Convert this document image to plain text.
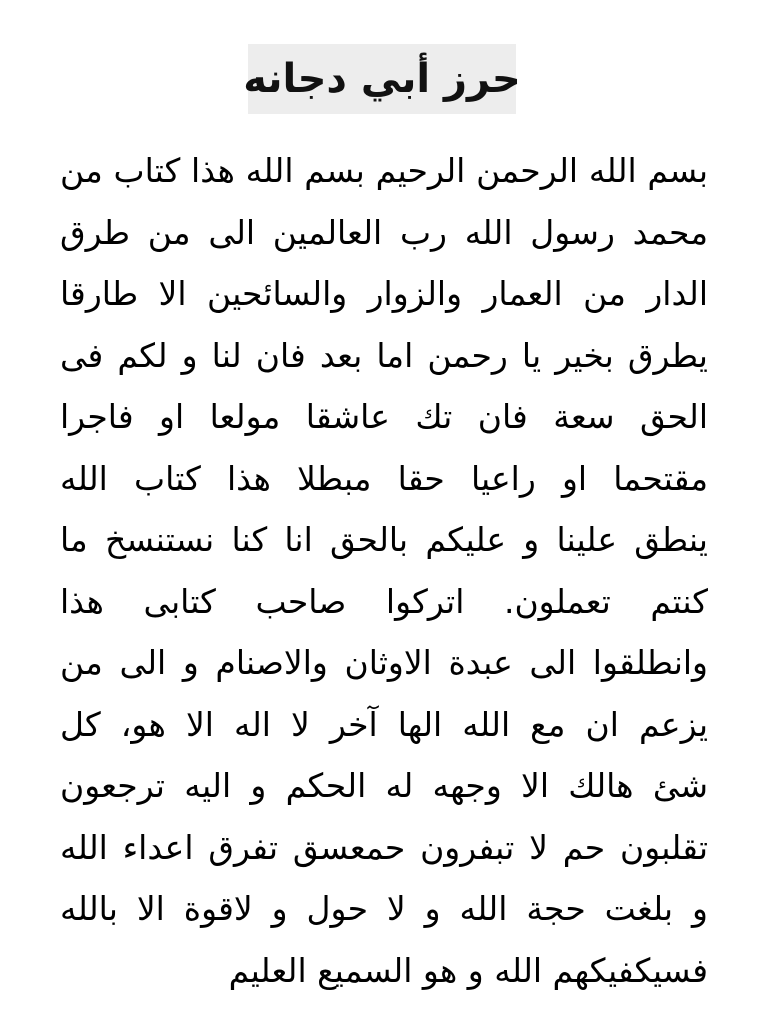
حرز أبي دجانه
بسم الله الرحمن الرحيم بسم الله هذا كتاب من
محمد رسول الله رب العالمين الى من طرق
الدار من العمار والزوار والسائحين الا طارقا
يطرق بخير يا رحمن اما بعد فان لنا و لكم فى
الحق سعة فان تك عاشقا مولعا او فاجرا
مقتحما او راعيا حقا مبطلا هذا كتاب الله
ينطق علينا و عليكم بالحق انا كنا نستنسخ ما
كنتم تعملون. اتركوا صاحب كتابى هذا
وانطلقوا الى عبدة الاوثان والاصنام و الى من
يزعم ان مع الله الها آخر لا اله الا هو، كل
شئ هالك الا وجهه له الحكم و اليه ترجعون
تقلبون حم لا تبفرون حمعسق تفرق اعداء الله
و بلغت حجة الله و لا حول و لاقوة الا بالله
فسيكفيكهم الله و هو السميع العليم
